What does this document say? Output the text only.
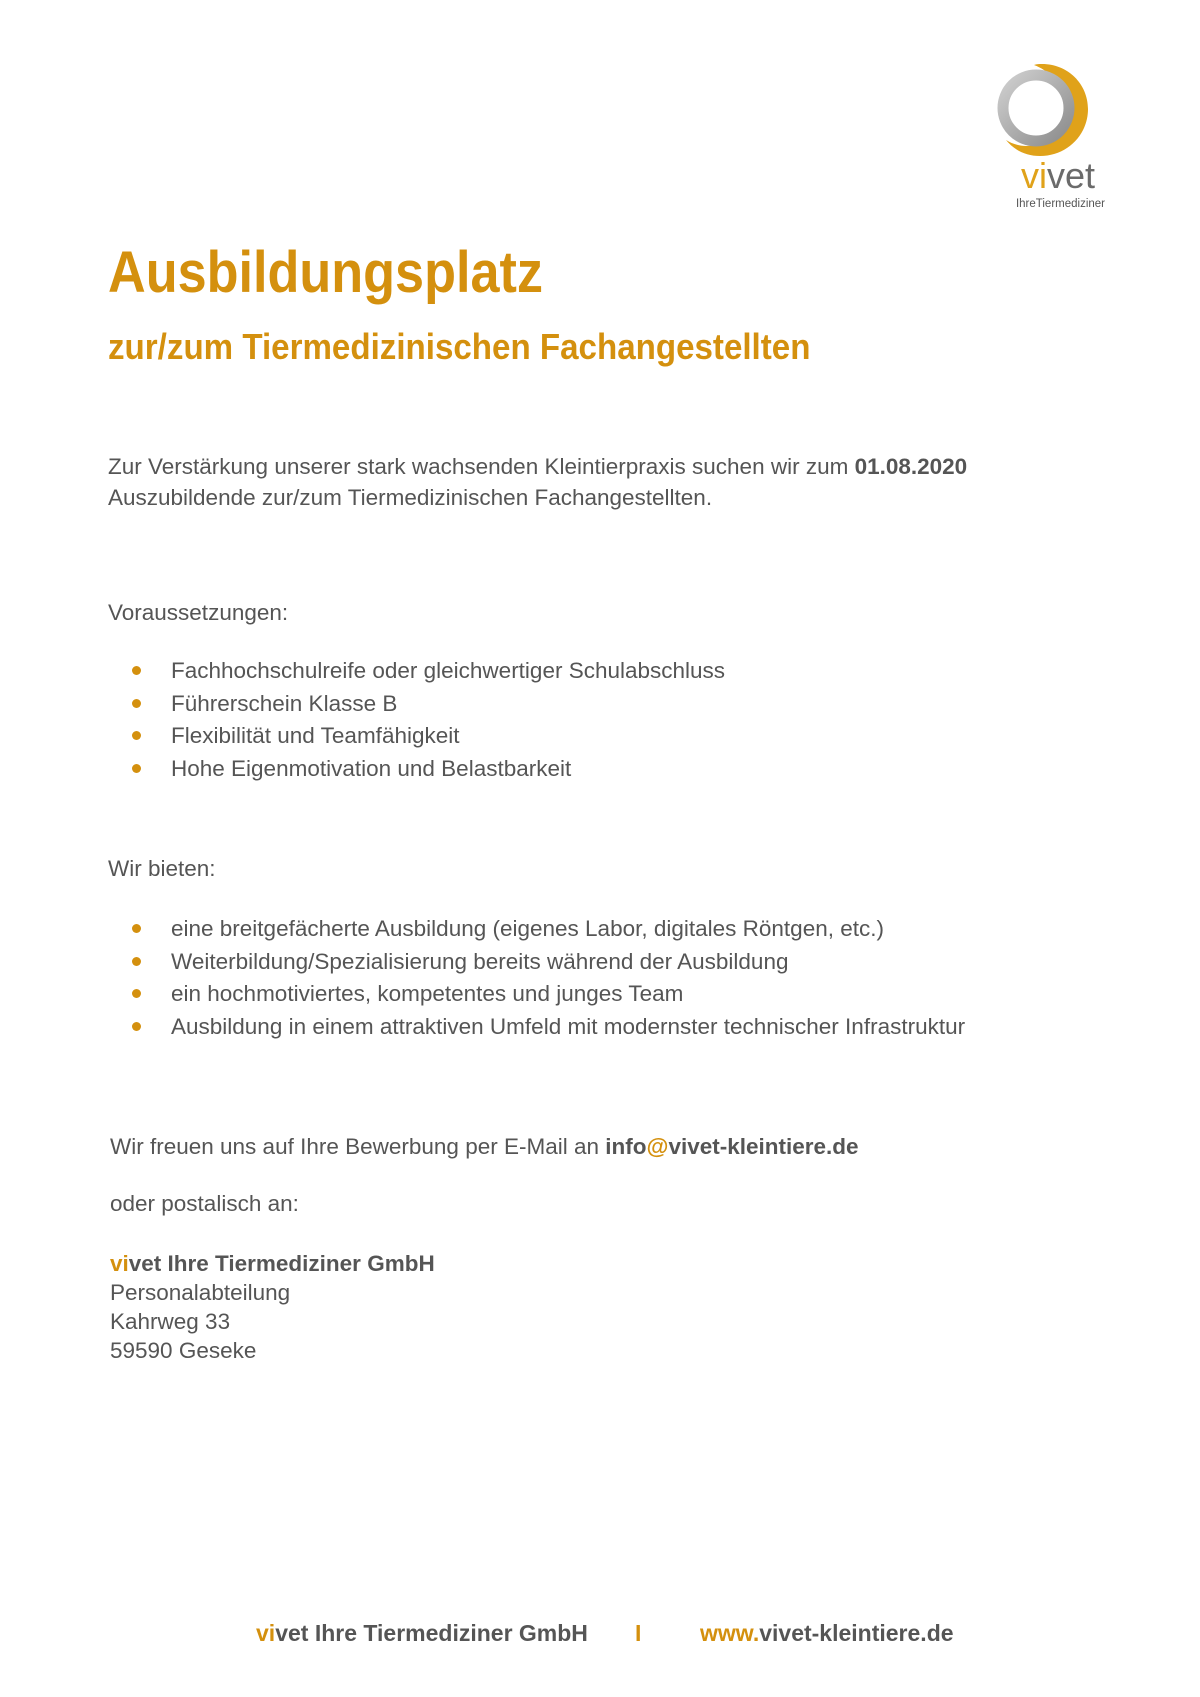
vivet
IhreTiermediziner
Ausbildungsplatz
zur/zum Tiermedizinischen Fachangestellten
Zur Verstärkung unserer stark wachsenden Kleintierpraxis suchen wir zum 01.08.2020
Auszubildende zur/zum Tiermedizinischen Fachangestellten.
Voraussetzungen:
Fachhochschulreife oder gleichwertiger Schulabschluss
Führerschein Klasse B
Flexibilität und Teamfähigkeit
Hohe Eigenmotivation und Belastbarkeit
Wir bieten:
eine breitgefächerte Ausbildung (eigenes Labor, digitales Röntgen, etc.)
Weiterbildung/Spezialisierung bereits während der Ausbildung
ein hochmotiviertes, kompetentes und junges Team
Ausbildung in einem attraktiven Umfeld mit modernster technischer Infrastruktur
Wir freuen uns auf Ihre Bewerbung per E-Mail an info@vivet-kleintiere.de
oder postalisch an:
vivet Ihre Tiermediziner GmbH
Personalabteilung
Kahrweg 33
59590 Geseke
vivet Ihre Tiermediziner GmbH I	www.vivet-kleintiere.de
